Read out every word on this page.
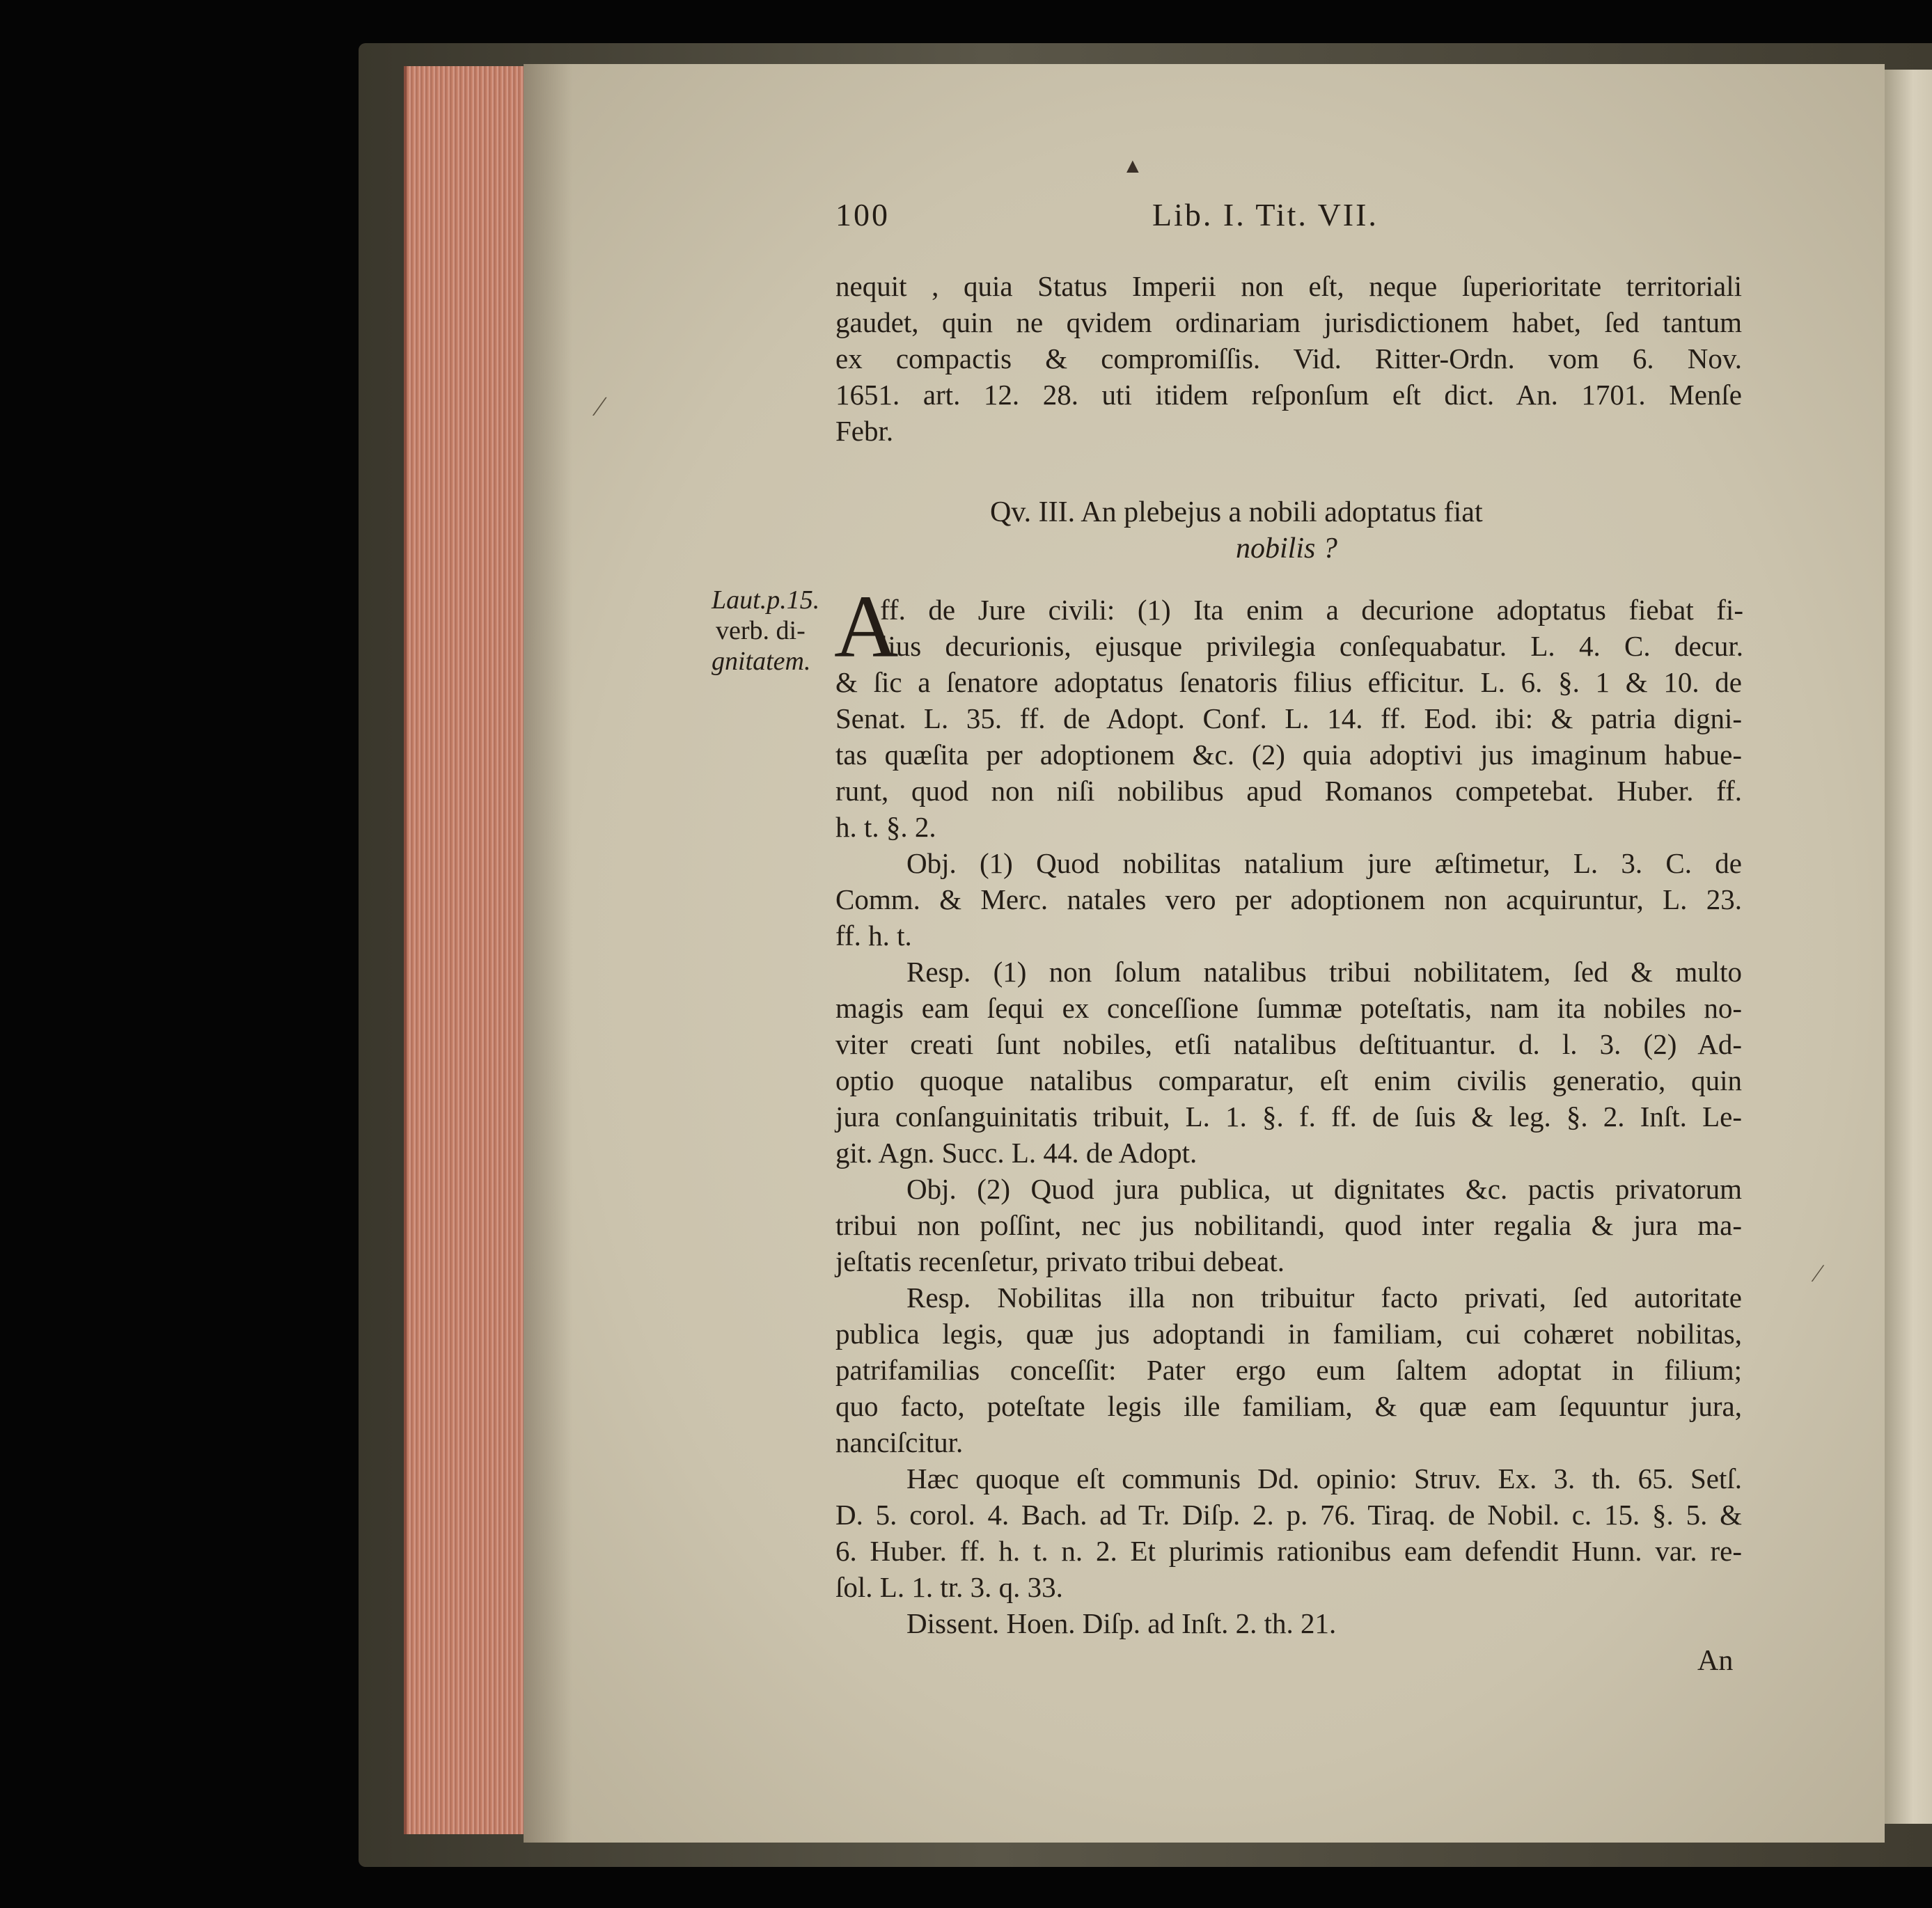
▲
∕
∕
100	Lib. I. Tit. VII.

nequit , quia Status Imperii non eſt, neque ſuperioritate territoriali

gaudet, quin ne qvidem ordinariam jurisdictionem habet, ſed tantum

ex compactis & compromiſſis. Vid. Ritter-Ordn. vom 6. Nov.

1651. art. 12. 28. uti itidem reſponſum eſt dict. An. 1701. Menſe

Febr.

Qv. III. An plebejus a nobili adoptatus fiat

nobilis ?

Laut.p.15.

verb. di-

gnitatem. A

ff. de Jure civili: (1) Ita enim a decurione adoptatus fiebat fi-

lius decurionis, ejusque privilegia conſequabatur. L. 4. C. decur.

& ſic a ſenatore adoptatus ſenatoris filius efficitur. L. 6. §. 1 & 10. de

Senat. L. 35. ff. de Adopt. Conf. L. 14. ff. Eod. ibi: & patria digni-

tas quæſita per adoptionem &c. (2) quia adoptivi jus imaginum habue-

runt, quod non niſi nobilibus apud Romanos competebat. Huber. ff.

h. t. §. 2.

Obj. (1) Quod nobilitas natalium jure æſtimetur, L. 3. C. de

Comm. & Merc. natales vero per adoptionem non acquiruntur, L. 23.

ff. h. t.

Resp. (1) non ſolum natalibus tribui nobilitatem, ſed & multo

magis eam ſequi ex conceſſione ſummæ poteſtatis, nam ita nobiles no-

viter creati ſunt nobiles, etſi natalibus deſtituantur. d. l. 3. (2) Ad-

optio quoque natalibus comparatur, eſt enim civilis generatio, quin

jura conſanguinitatis tribuit, L. 1. §. f. ff. de ſuis & leg. §. 2. Inſt. Le-

git. Agn. Succ. L. 44. de Adopt.

Obj. (2) Quod jura publica, ut dignitates &c. pactis privatorum

tribui non poſſint, nec jus nobilitandi, quod inter regalia & jura ma-

jeſtatis recenſetur, privato tribui debeat.

Resp. Nobilitas illa non tribuitur facto privati, ſed autoritate

publica legis, quæ jus adoptandi in familiam, cui cohæret nobilitas,

patrifamilias conceſſit: Pater ergo eum ſaltem adoptat in filium;

quo facto, poteſtate legis ille familiam, & quæ eam ſequuntur jura,

nanciſcitur.

Hæc quoque eſt communis Dd. opinio: Struv. Ex. 3. th. 65. Setſ.

D. 5. corol. 4. Bach. ad Tr. Diſp. 2. p. 76. Tiraq. de Nobil. c. 15. §. 5. &

6. Huber. ff. h. t. n. 2. Et plurimis rationibus eam defendit Hunn. var. re-

ſol. L. 1. tr. 3. q. 33.

Dissent. Hoen. Diſp. ad Inſt. 2. th. 21.

An
